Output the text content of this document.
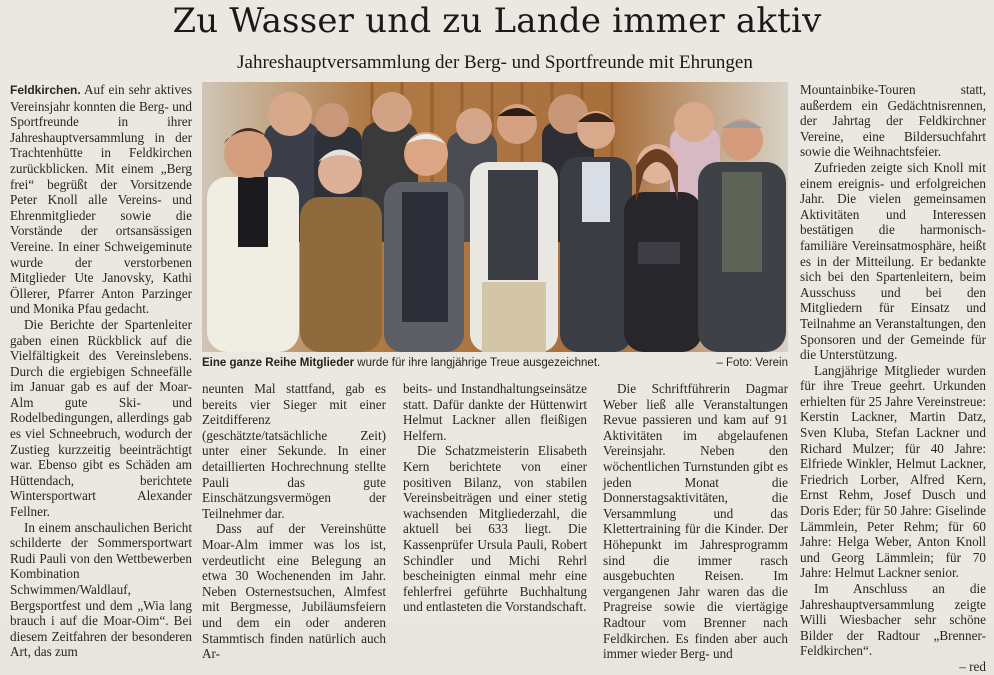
Zu Wasser und zu Lande immer aktiv
Jahreshauptversammlung der Berg- und Sportfreunde mit Ehrungen

Feldkirchen. Auf ein sehr aktives Vereinsjahr konnten die Berg- und Sportfreunde in ihrer Jahreshauptversammlung in der Trachtenhütte in Feldkirchen zurückblicken. Mit einem „Berg frei“ begrüßt der Vorsitzende Peter Knoll alle Vereins- und Ehrenmitglieder sowie die Vorstände der ortsansässigen Vereine. In einer Schweigeminute wurde der verstorbenen Mitglieder Ute Janovsky, Kathi Öllerer, Pfarrer Anton Parzinger und Monika Pfau gedacht.

Die Berichte der Spartenleiter gaben einen Rückblick auf die Vielfältigkeit des Vereinslebens. Durch die ergiebigen Schneefälle im Januar gab es auf der Moar-Alm gute Ski- und Rodelbedingungen, allerdings gab es viel Schneebruch, wodurch der Zustieg kurzzeitig beeinträchtigt war. Ebenso gibt es Schäden am Hüttendach, berichtete Wintersportwart Alexander Fellner.

In einem anschaulichen Bericht schilderte der Sommersportwart Rudi Pauli von den Wettbewerben Kombination Schwimmen/Waldlauf, Bergsportfest und dem „Wia lang brauch i auf die Moar-Oim“. Bei diesem Zeitfahren der besonderen Art, das zum

Eine ganze Reihe Mitglieder wurde für ihre langjährige Treue ausgezeichnet.	– Foto: Verein

neunten Mal stattfand, gab es bereits vier Sieger mit einer Zeitdifferenz (geschätzte/tatsächliche Zeit) unter einer Sekunde. In einer detaillierten Hochrechnung stellte Pauli das gute Einschätzungsvermögen der Teilnehmer dar.

Dass auf der Vereinshütte Moar-Alm immer was los ist, verdeutlicht eine Belegung an etwa 30 Wochenenden im Jahr. Neben Osternestsuchen, Almfest mit Bergmesse, Jubiläumsfeiern und dem ein oder anderen Stammtisch finden natürlich auch Ar-

beits- und Instandhaltungseinsätze statt. Dafür dankte der Hüttenwirt Helmut Lackner allen fleißigen Helfern.

Die Schatzmeisterin Elisabeth Kern berichtete von einer positiven Bilanz, von stabilen Vereinsbeiträgen und einer stetig wachsenden Mitgliederzahl, die aktuell bei 633 liegt. Die Kassenprüfer Ursula Pauli, Robert Schindler und Michi Rehrl bescheinigten einmal mehr eine fehlerfrei geführte Buchhaltung und entlasteten die Vorstandschaft.

Die Schriftführerin Dagmar Weber ließ alle Veranstaltungen Revue passieren und kam auf 91 Aktivitäten im abgelaufenen Vereinsjahr. Neben den wöchentlichen Turnstunden gibt es jeden Monat die Donnerstagsaktivitäten, die Versammlung und das Klettertraining für die Kinder. Der Höhepunkt im Jahresprogramm sind die immer rasch ausgebuchten Reisen. Im vergangenen Jahr waren das die Pragreise sowie die viertägige Radtour vom Brenner nach Feldkirchen. Es finden aber auch immer wieder Berg- und

Mountainbike-Touren statt, außerdem ein Gedächtnisrennen, der Jahrtag der Feldkirchner Vereine, eine Bildersuchfahrt sowie die Weihnachtsfeier.

Zufrieden zeigte sich Knoll mit einem ereignis- und erfolgreichen Jahr. Die vielen gemeinsamen Aktivitäten und Interessen bestätigen die harmonisch-familiäre Vereinsatmosphäre, heißt es in der Mitteilung. Er bedankte sich bei den Spartenleitern, beim Ausschuss und bei den Mitgliedern für Einsatz und Teilnahme an Veranstaltungen, den Sponsoren und der Gemeinde für die Unterstützung.

Langjährige Mitglieder wurden für ihre Treue geehrt. Urkunden erhielten für 25 Jahre Vereinstreue: Kerstin Lackner, Martin Datz, Sven Kluba, Stefan Lackner und Richard Mulzer; für 40 Jahre: Elfriede Winkler, Helmut Lackner, Friedrich Lorber, Alfred Kern, Ernst Rehm, Josef Dusch und Doris Eder; für 50 Jahre: Giselinde Lämmlein, Peter Rehm; für 60 Jahre: Helga Weber, Anton Knoll und Georg Lämmlein; für 70 Jahre: Helmut Lackner senior.

Im Anschluss an die Jahreshauptversammlung zeigte Willi Wiesbacher sehr schöne Bilder der Radtour „Brenner-Feldkirchen“.

– red
